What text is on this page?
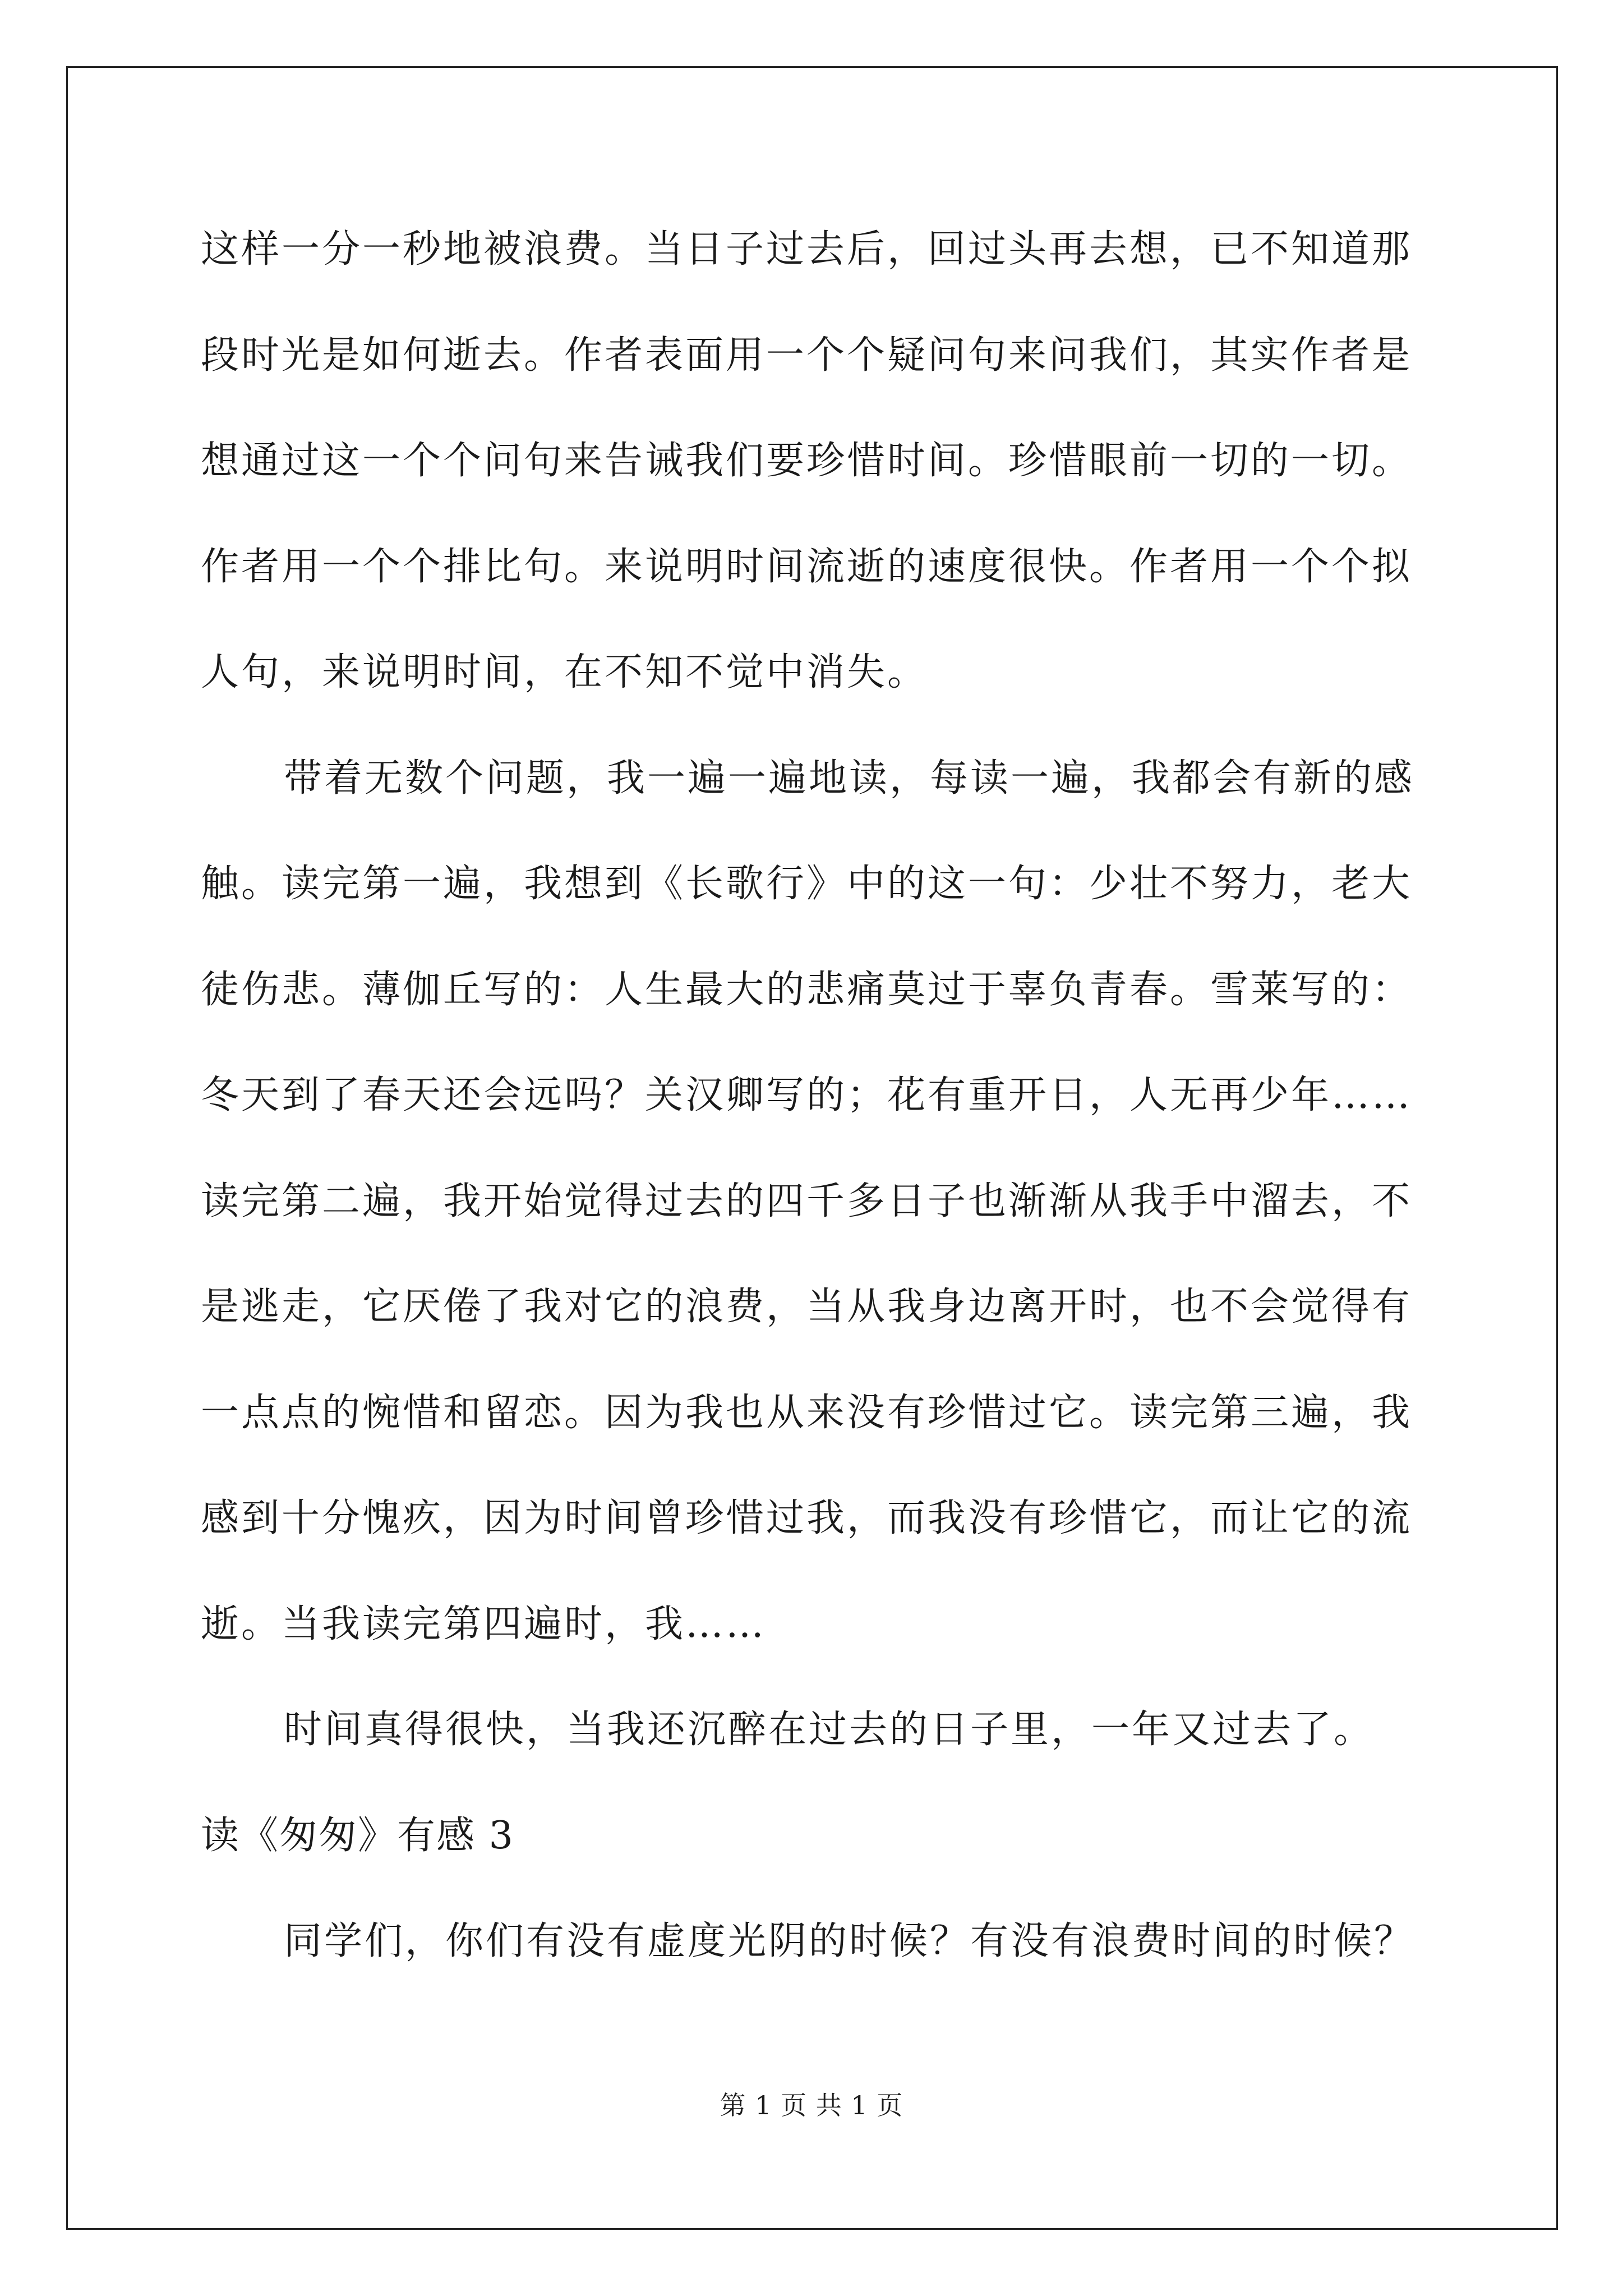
这样一分一秒地被浪费。当日子过去后，回过头再去想，已不知道那
段时光是如何逝去。作者表面用一个个疑问句来问我们，其实作者是
想通过这一个个问句来告诫我们要珍惜时间。珍惜眼前一切的一切。
作者用一个个排比句。来说明时间流逝的速度很快。作者用一个个拟
人句，来说明时间，在不知不觉中消失。
带着无数个问题，我一遍一遍地读，每读一遍，我都会有新的感
触。读完第一遍，我想到《长歌行》中的这一句：少壮不努力，老大
徒伤悲。薄伽丘写的：人生最大的悲痛莫过于辜负青春。雪莱写的：
冬天到了春天还会远吗？关汉卿写的；花有重开日，人无再少年……
读完第二遍，我开始觉得过去的四千多日子也渐渐从我手中溜去，不
是逃走，它厌倦了我对它的浪费，当从我身边离开时，也不会觉得有
一点点的惋惜和留恋。因为我也从来没有珍惜过它。读完第三遍，我
感到十分愧疚，因为时间曾珍惜过我，而我没有珍惜它，而让它的流
逝。当我读完第四遍时，我……
时间真得很快，当我还沉醉在过去的日子里，一年又过去了。
读《匆匆》有感 3
同学们，你们有没有虚度光阴的时候？有没有浪费时间的时候？
第 1 页 共 1 页
